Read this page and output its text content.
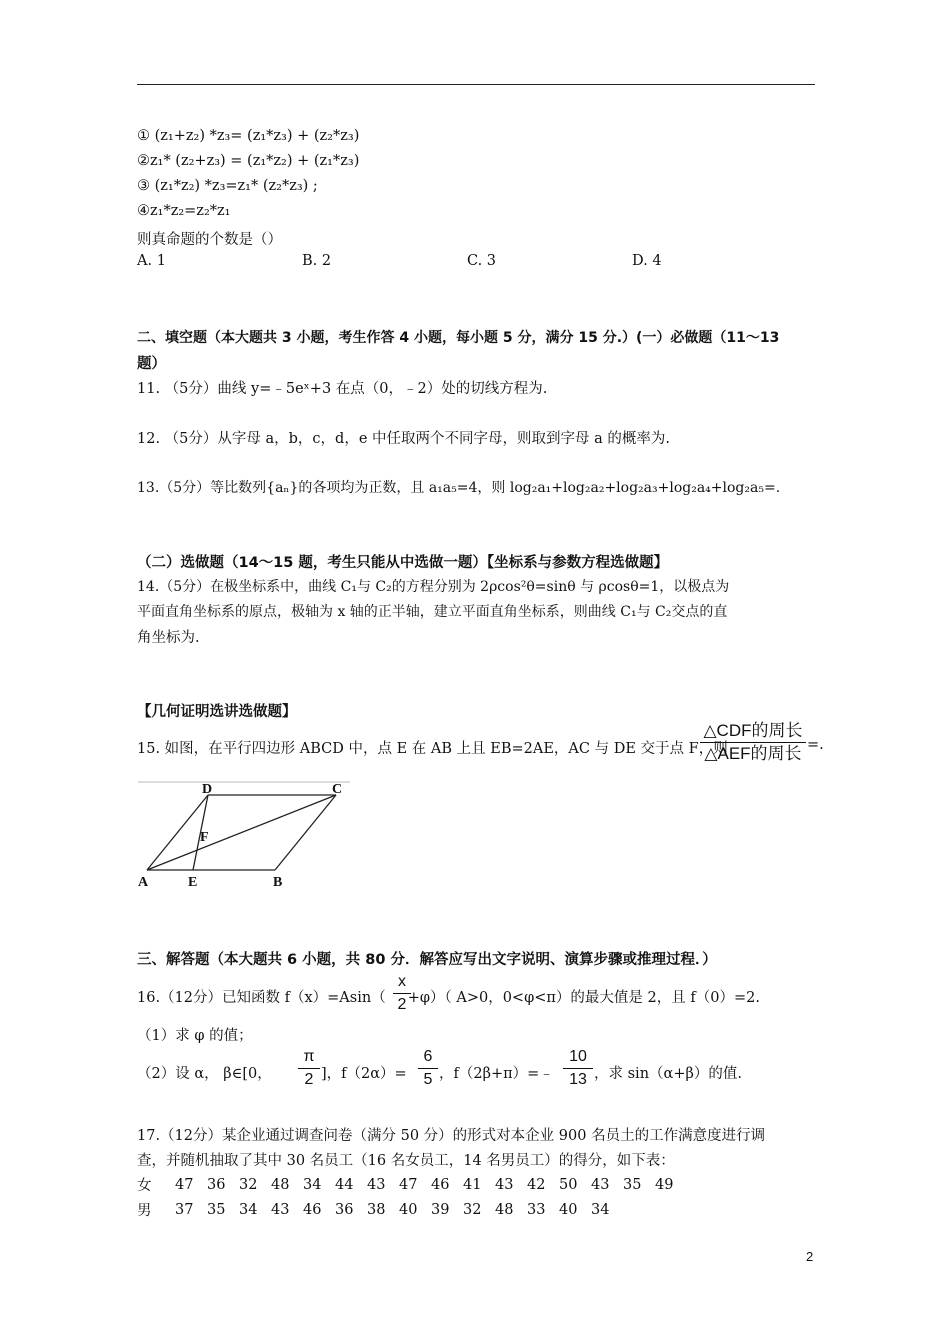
① (z₁+z₂) *z₃= (z₁*z₃) + (z₂*z₃)
②z₁* (z₂+z₃) = (z₁*z₂) + (z₁*z₃)
③ (z₁*z₂) *z₃=z₁* (z₂*z₃) ;
④z₁*z₂=z₂*z₁
则真命题的个数是（）
A. 1	B. 2	C. 3	D. 4
二、填空题（本大题共 3 小题，考生作答 4 小题，每小题 5 分，满分 15 分.）(一）必做题（11～13
题）
11. （5分）曲线 y=﹣5eˣ+3 在点（0，﹣2）处的切线方程为.
12. （5分）从字母 a，b，c，d，e 中任取两个不同字母，则取到字母 a 的概率为.
13.（5分）等比数列{aₙ}的各项均为正数，且 a₁a₅=4，则 log₂a₁+log₂a₂+log₂a₃+log₂a₄+log₂a₅=.
（二）选做题（14～15 题，考生只能从中选做一题）【坐标系与参数方程选做题】
14.（5分）在极坐标系中，曲线 C₁与 C₂的方程分别为 2ρcos²θ=sinθ 与 ρcosθ=1，以极点为
平面直角坐标系的原点，极轴为 x 轴的正半轴，建立平面直角坐标系，则曲线 C₁与 C₂交点的直
角坐标为.
【几何证明选讲选做题】
15. 如图，在平行四边形 ABCD 中，点 E 在 AB 上且 EB=2AE，AC 与 DE 交于点 F，则
△CDF的周长
△AEF的周长 =.
D	C
F
A	E	B
三、解答题（本大题共 6 小题，共 80 分．解答应写出文字说明、演算步骤或推理过程．）
16.（12分）已知函数 f（x）=Asin（ +φ）（ A>0，0<φ<π）的最大值是 2，且 f（0）=2.
x
2
（1）求 φ 的值；
（2）设 α， β∈[0，
π
2 ]，f（2α）=
6
5 ，f（2β+π）=﹣
10
13 ，求 sin（α+β）的值.
17.（12分）某企业通过调查问卷（满分 50 分）的形式对本企业 900 名员土的工作满意度进行调
查，并随机抽取了其中 30 名员工（16 名女员工，14 名男员工）的得分，如下表：
女	47	36	32	48	34	44	43	47	46	41	43	42	50	43	35	49
男	37	35	34	43	46	36	38	40	39	32	48	33	40	34		
2
